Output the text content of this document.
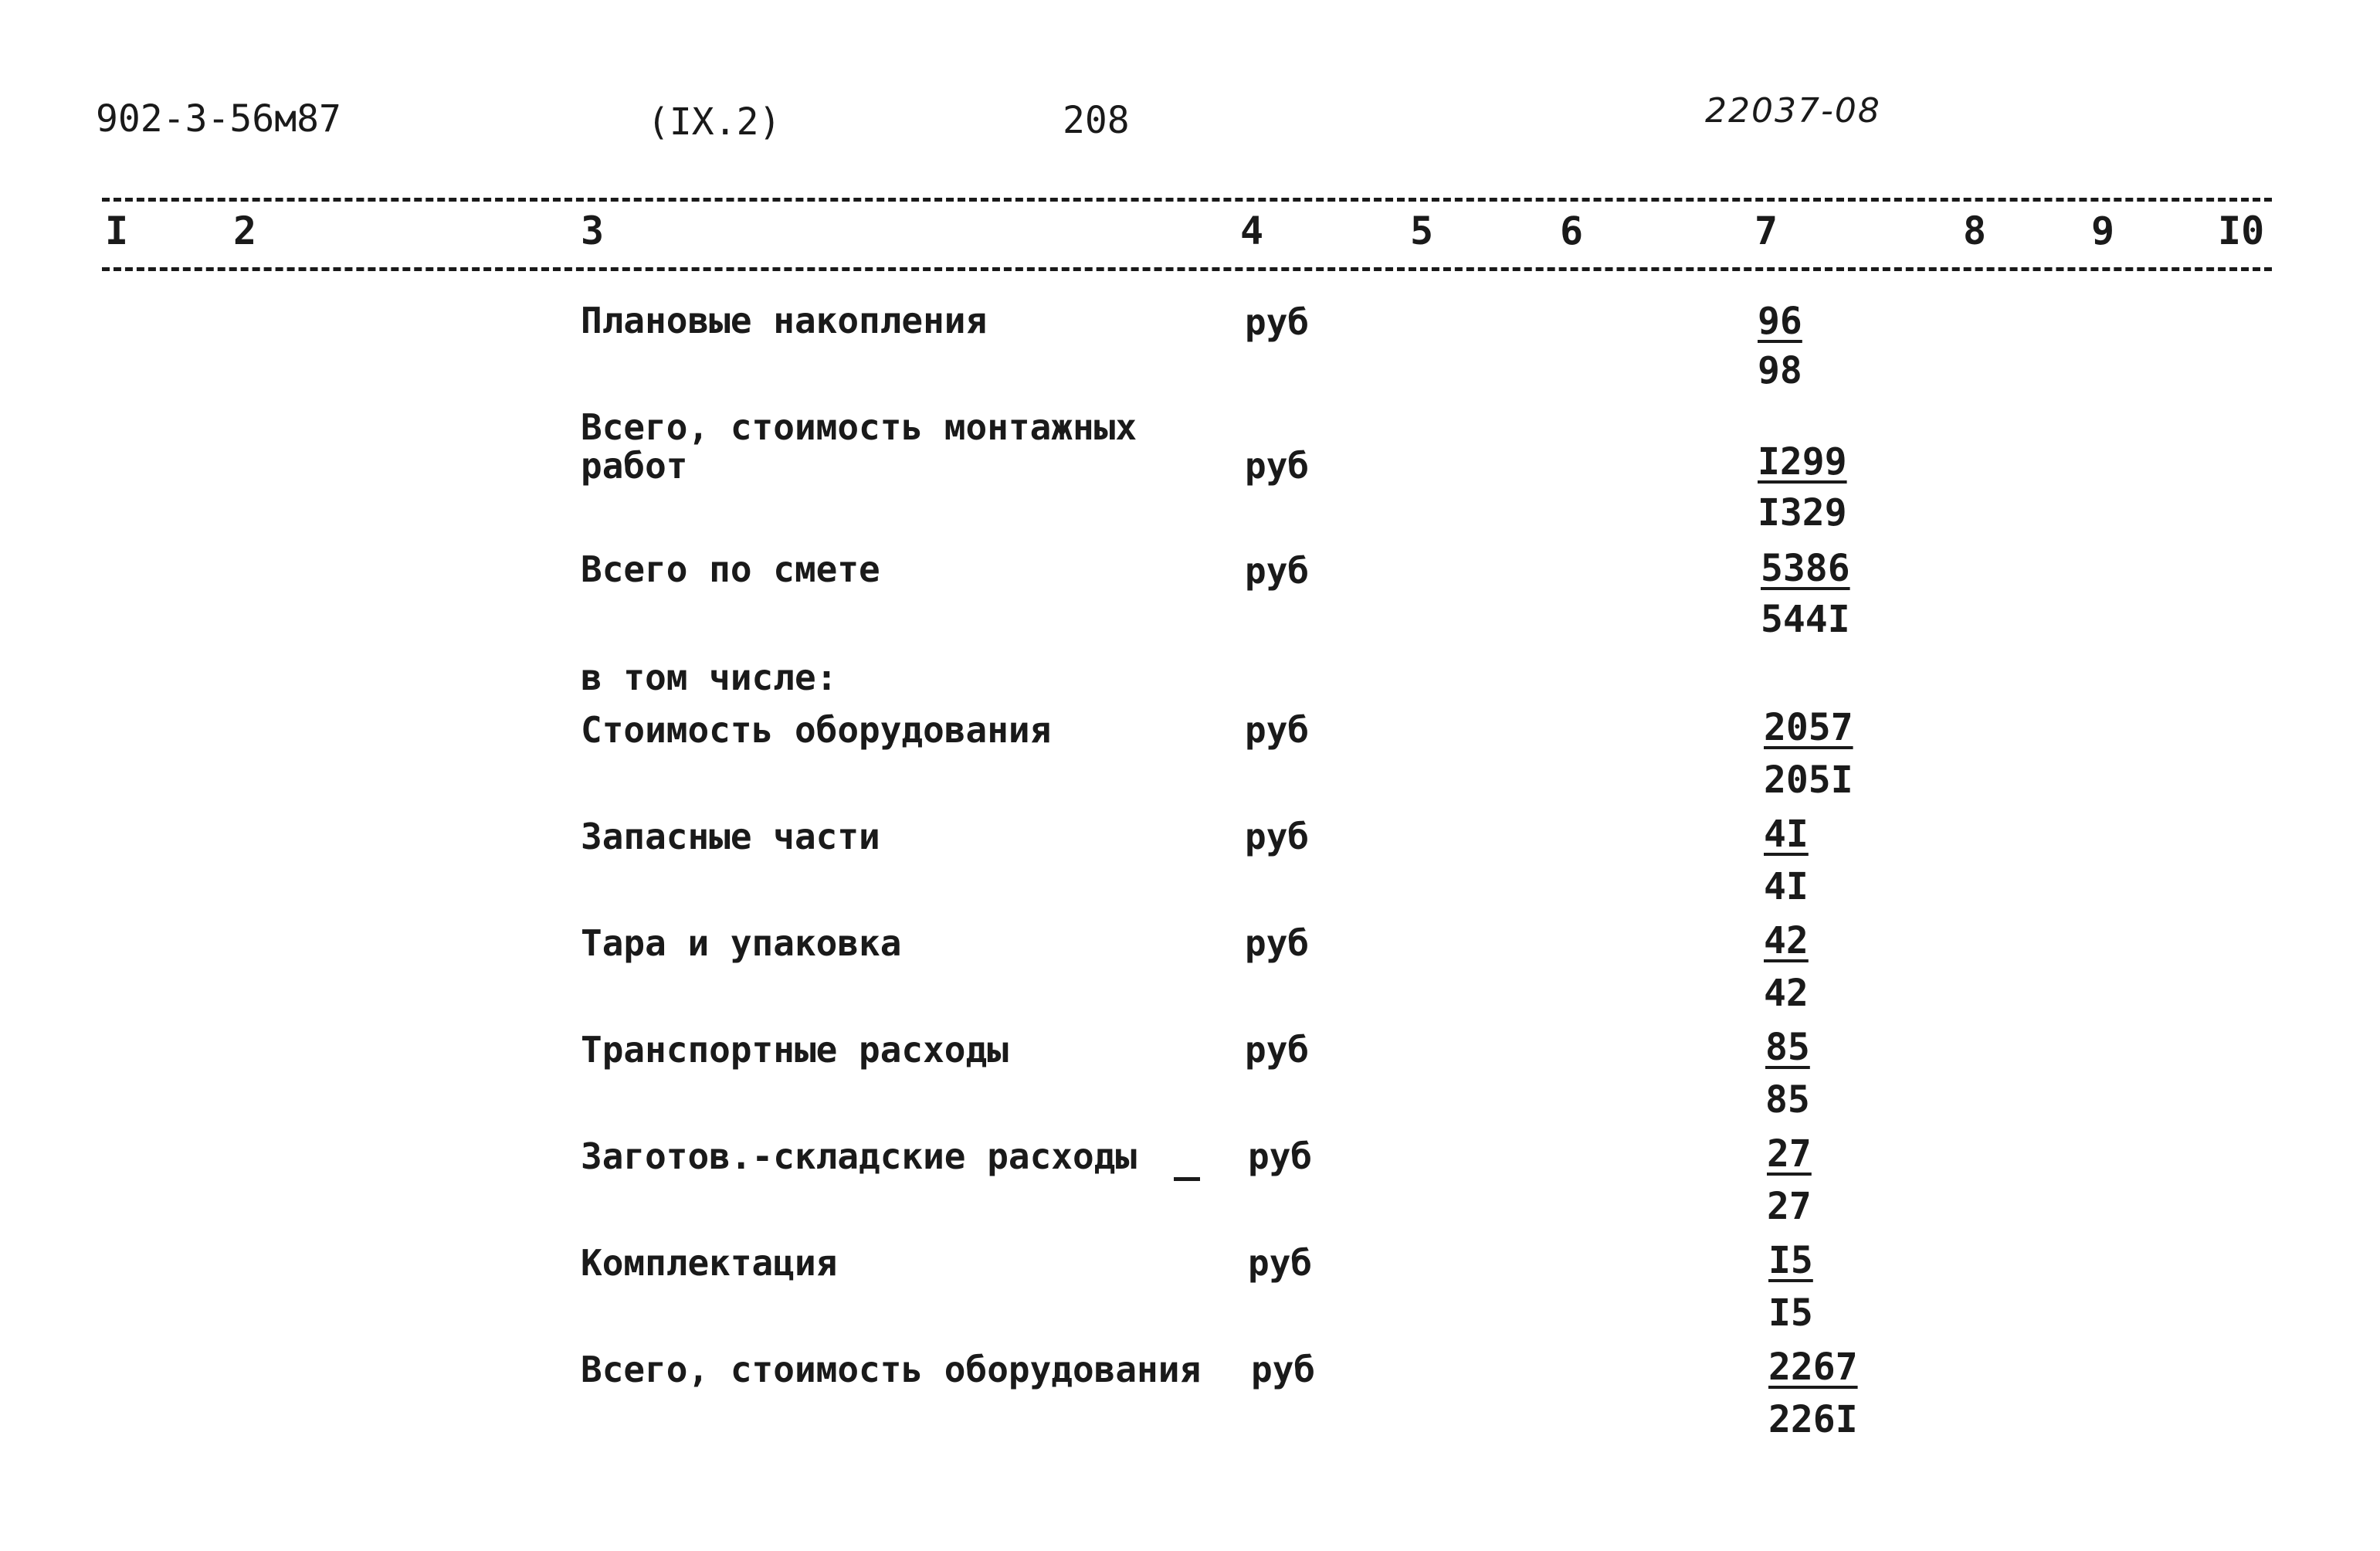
902-3-56м87	(IX.2)	208	22037-08
I	2	3	4	5	6	7	8	9	I0
Плановые накопления	руб	96
98
Всего, стоимость монтажных
работ	руб	I299
I329
Всего по смете	руб	5386
544I
в том числе:
Стоимость оборудования	руб	2057
205I
Запасные части	руб	4I
4I
Тара и упаковка	руб	42
42
Транспортные расходы	руб	85
85
Заготов.-складские расходы	руб	27
27
Комплектация	руб	I5
I5
Всего, стоимость оборудования руб	2267
226I
